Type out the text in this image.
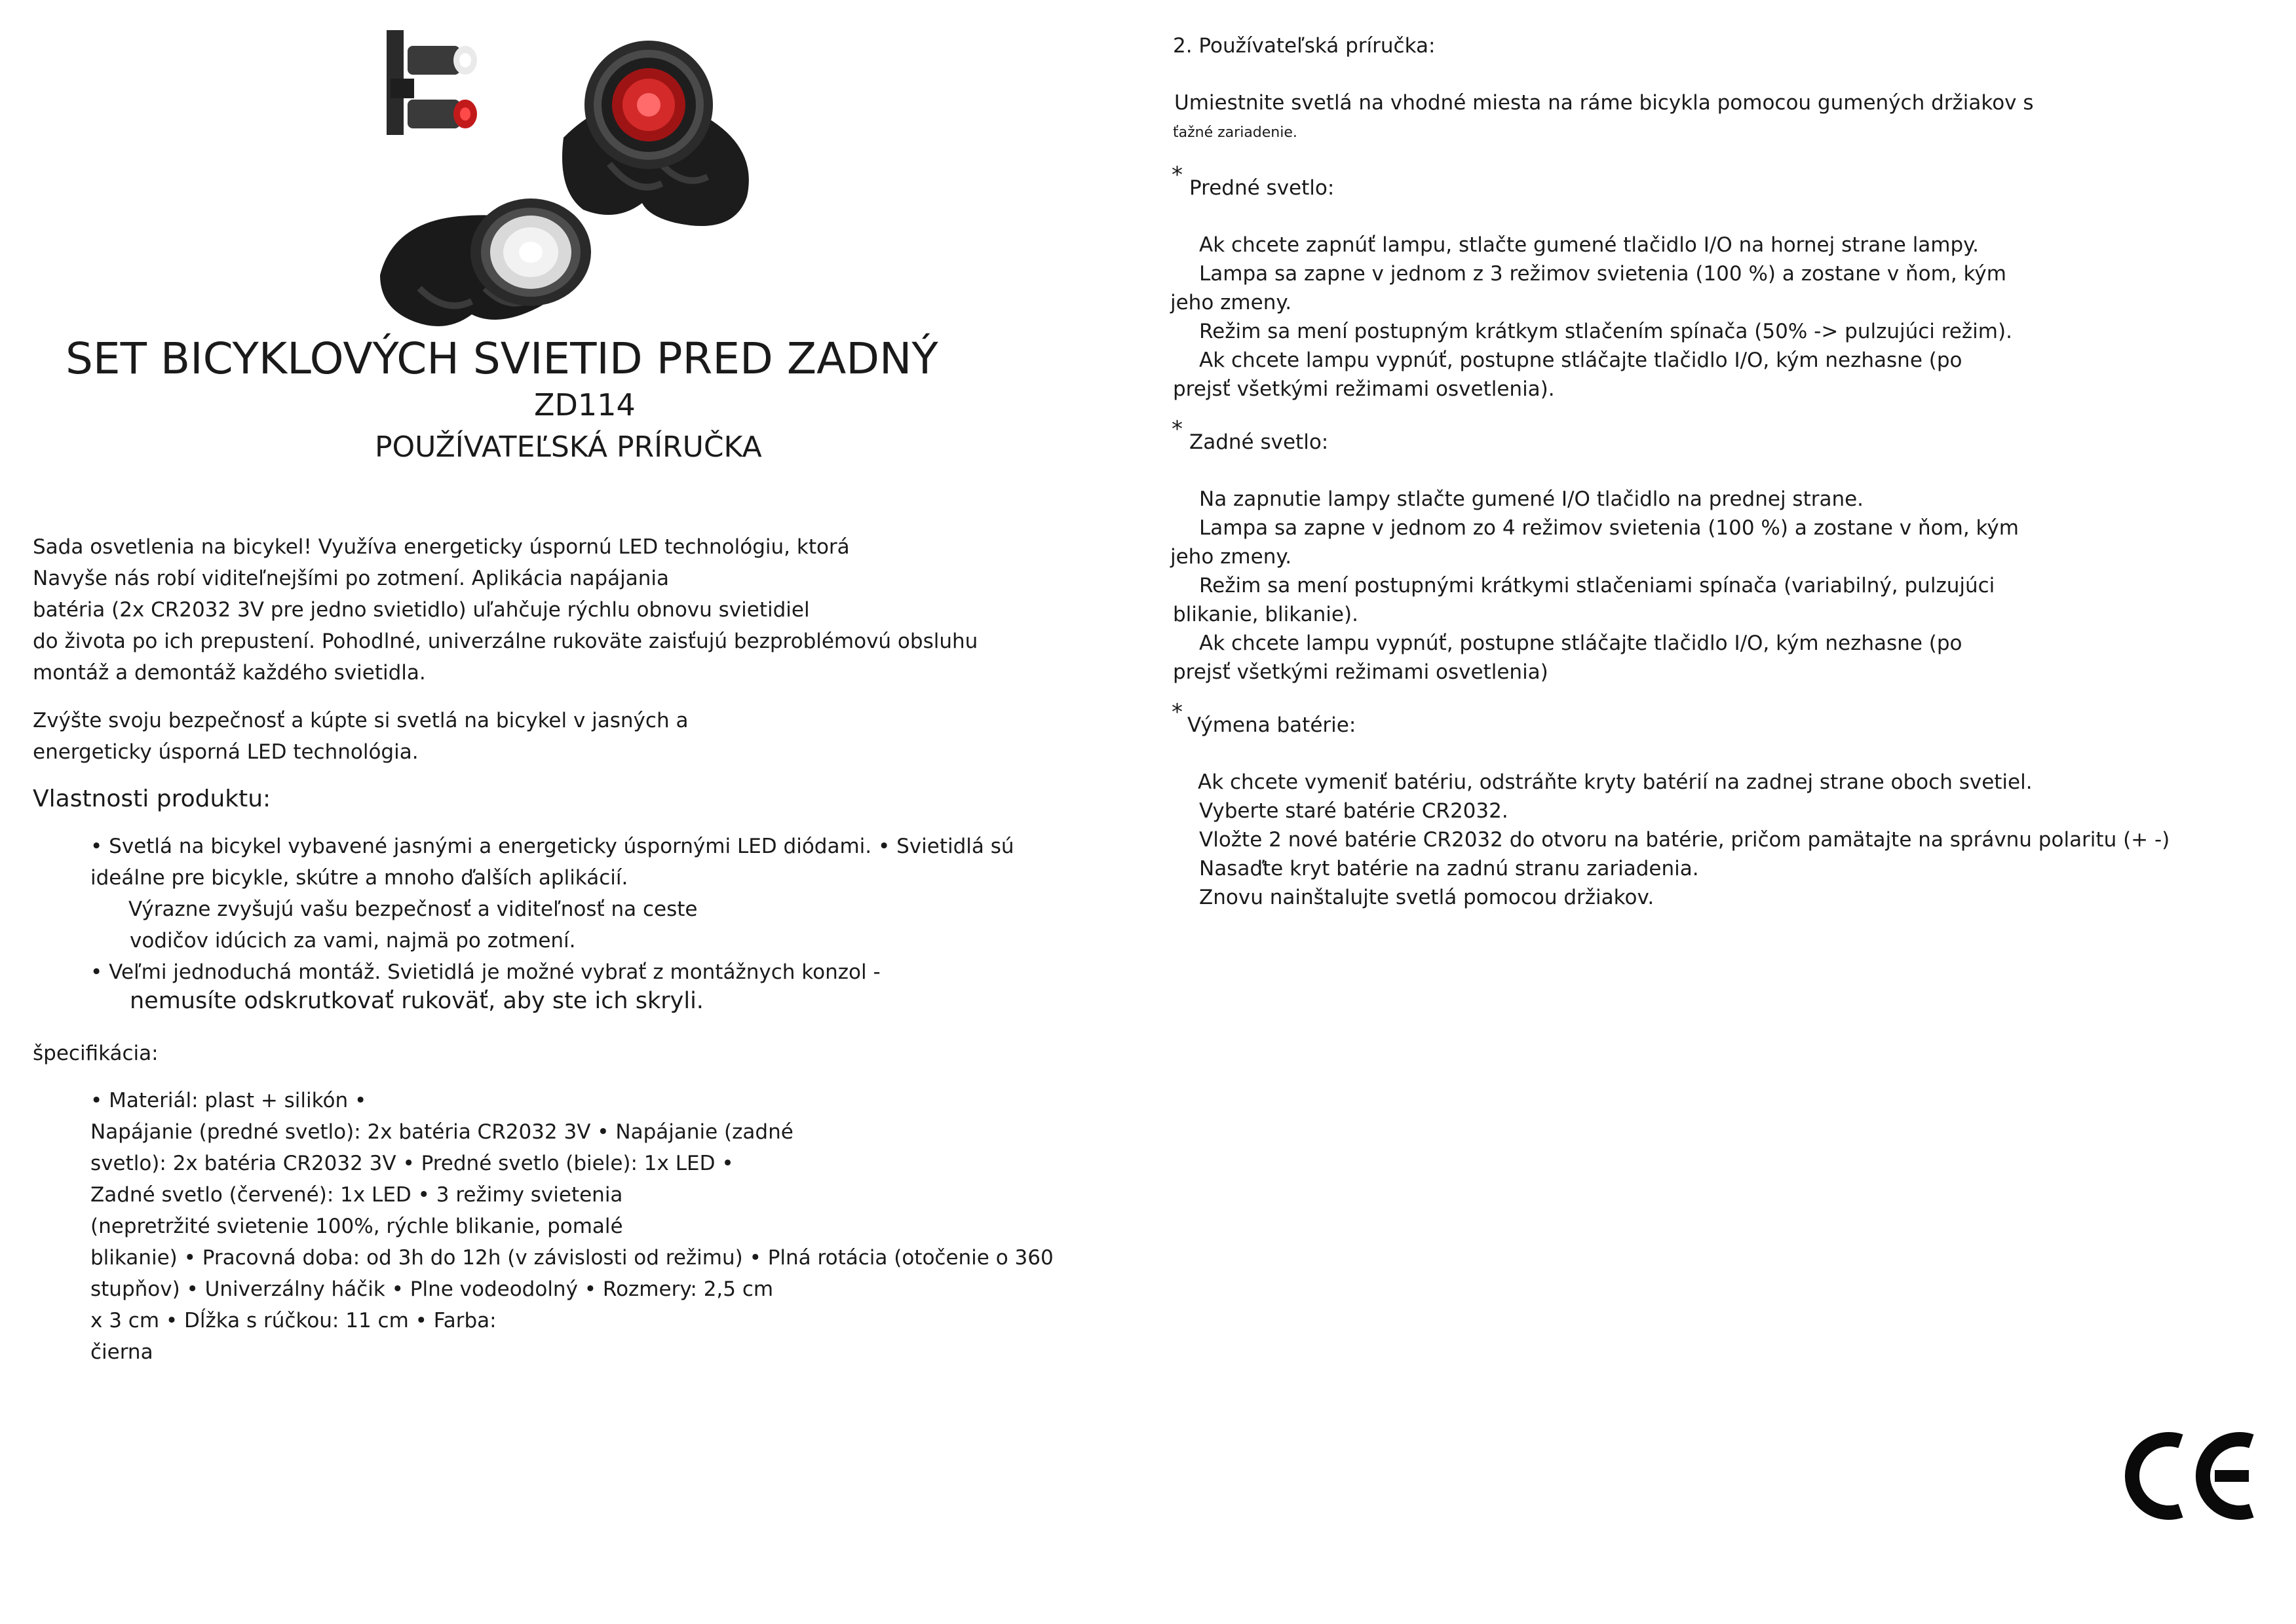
SET BICYKLOVÝCH SVIETID PRED ZADNÝ
ZD114
POUŽÍVATEĽSKÁ PRÍRUČKA
Sada osvetlenia na bicykel! Využíva energeticky úspornú LED technológiu, ktorá
Navyše nás robí viditeľnejšími po zotmení. Aplikácia napájania
batéria (2x CR2032 3V pre jedno svietidlo) uľahčuje rýchlu obnovu svietidiel
do života po ich prepustení. Pohodlné, univerzálne rukoväte zaisťujú bezproblémovú obsluhu
montáž a demontáž každého svietidla.
Zvýšte svoju bezpečnosť a kúpte si svetlá na bicykel v jasných a
energeticky úsporná LED technológia.
Vlastnosti produktu:
• Svetlá na bicykel vybavené jasnými a energeticky úspornými LED diódami. • Svietidlá sú
ideálne pre bicykle, skútre a mnoho ďalších aplikácií.
Výrazne zvyšujú vašu bezpečnosť a viditeľnosť na ceste
vodičov idúcich za vami, najmä po zotmení.
• Veľmi jednoduchá montáž. Svietidlá je možné vybrať z montážnych konzol -
nemusíte odskrutkovať rukoväť, aby ste ich skryli.
špecifikácia:
• Materiál: plast + silikón •
Napájanie (predné svetlo): 2x batéria CR2032 3V • Napájanie (zadné
svetlo): 2x batéria CR2032 3V • Predné svetlo (biele): 1x LED •
Zadné svetlo (červené): 1x LED • 3 režimy svietenia
(nepretržité svietenie 100%, rýchle blikanie, pomalé
blikanie) • Pracovná doba: od 3h do 12h (v závislosti od režimu) • Plná rotácia (otočenie o 360
stupňov) • Univerzálny háčik • Plne vodeodolný • Rozmery: 2,5 cm
x 3 cm • Dĺžka s rúčkou: 11 cm • Farba:
čierna
2. Používateľská príručka:
Umiestnite svetlá na vhodné miesta na ráme bicykla pomocou gumených držiakov s
ťažné zariadenie.
* Predné svetlo:
Ak chcete zapnúť lampu, stlačte gumené tlačidlo I/O na hornej strane lampy.
Lampa sa zapne v jednom z 3 režimov svietenia (100 %) a zostane v ňom, kým
jeho zmeny.
Režim sa mení postupným krátkym stlačením spínača (50% -> pulzujúci režim).
Ak chcete lampu vypnúť, postupne stláčajte tlačidlo I/O, kým nezhasne (po
prejsť všetkými režimami osvetlenia).
* Zadné svetlo:
Na zapnutie lampy stlačte gumené I/O tlačidlo na prednej strane.
Lampa sa zapne v jednom zo 4 režimov svietenia (100 %) a zostane v ňom, kým
jeho zmeny.
Režim sa mení postupnými krátkymi stlačeniami spínača (variabilný, pulzujúci
blikanie, blikanie).
Ak chcete lampu vypnúť, postupne stláčajte tlačidlo I/O, kým nezhasne (po
prejsť všetkými režimami osvetlenia)
* Výmena batérie:
Ak chcete vymeniť batériu, odstráňte kryty batérií na zadnej strane oboch svetiel.
Vyberte staré batérie CR2032.
Vložte 2 nové batérie CR2032 do otvoru na batérie, pričom pamätajte na správnu polaritu (+ -)
Nasaďte kryt batérie na zadnú stranu zariadenia.
Znovu nainštalujte svetlá pomocou držiakov.
